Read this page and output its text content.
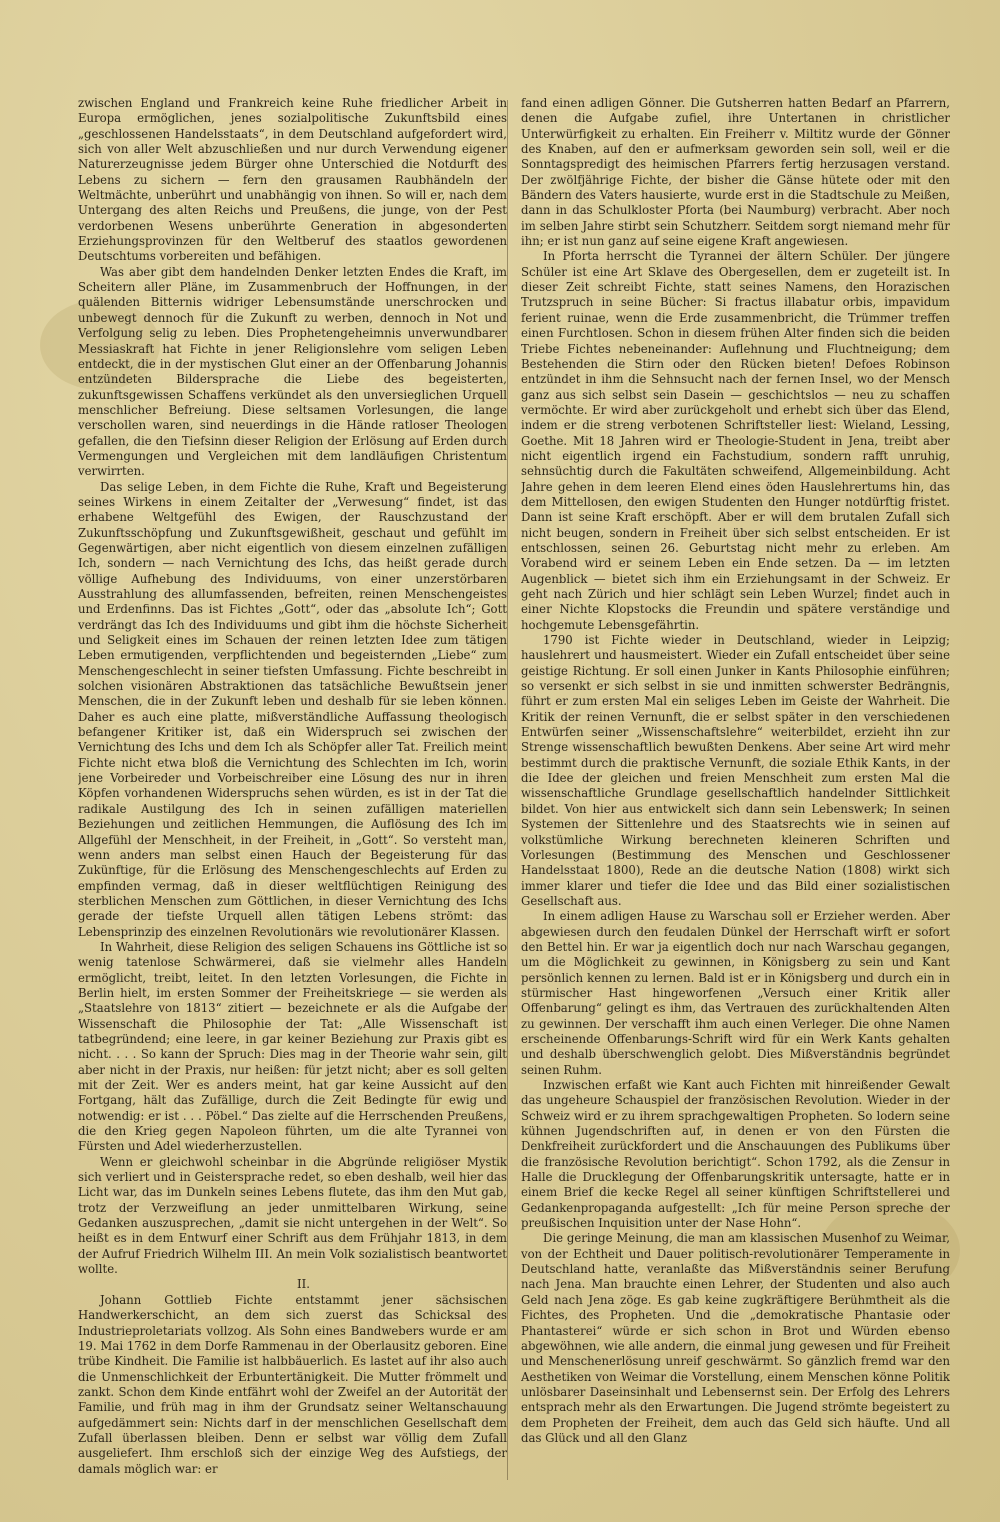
zwischen England und Frankreich keine Ruhe friedlicher Arbeit in Europa ermöglichen, jenes sozialpolitische Zukunftsbild eines „geschlossenen Handelsstaats“, in dem Deutschland aufgefordert wird, sich von aller Welt abzuschließen und nur durch Verwendung eigener Naturerzeugnisse jedem Bürger ohne Unterschied die Notdurft des Lebens zu sichern — fern den grausamen Raubhändeln der Weltmächte, unberührt und unabhängig von ihnen. So will er, nach dem Untergang des alten Reichs und Preußens, die junge, von der Pest verdorbenen Wesens unberührte Generation in abgesonderten Erziehungsprovinzen für den Weltberuf des staatlos gewordenen Deutschtums vorbereiten und befähigen.

Was aber gibt dem handelnden Denker letzten Endes die Kraft, im Scheitern aller Pläne, im Zusammenbruch der Hoffnungen, in der quälenden Bitternis widriger Lebensumstände unerschrocken und unbewegt dennoch für die Zukunft zu werben, dennoch in Not und Verfolgung selig zu leben. Dies Prophetengeheimnis unverwundbarer Messiaskraft hat Fichte in jener Religionslehre vom seligen Leben entdeckt, die in der mystischen Glut einer an der Offenbarung Johannis entzündeten Bildersprache die Liebe des begeisterten, zukunftsgewissen Schaffens verkündet als den unversieglichen Urquell menschlicher Befreiung. Diese seltsamen Vorlesungen, die lange verschollen waren, sind neuerdings in die Hände ratloser Theologen gefallen, die den Tiefsinn dieser Religion der Erlösung auf Erden durch Vermengungen und Vergleichen mit dem landläufigen Christentum verwirrten.

Das selige Leben, in dem Fichte die Ruhe, Kraft und Begeisterung seines Wirkens in einem Zeitalter der „Verwesung“ findet, ist das erhabene Weltgefühl des Ewigen, der Rauschzustand der Zukunftsschöpfung und Zukunftsgewißheit, geschaut und gefühlt im Gegenwärtigen, aber nicht eigentlich von diesem einzelnen zufälligen Ich, sondern — nach Vernichtung des Ichs, das heißt gerade durch völlige Aufhebung des Individuums, von einer unzerstörbaren Ausstrahlung des allumfassenden, befreiten, reinen Menschengeistes und Erdenfinns. Das ist Fichtes „Gott“, oder das „absolute Ich“; Gott verdrängt das Ich des Individuums und gibt ihm die höchste Sicherheit und Seligkeit eines im Schauen der reinen letzten Idee zum tätigen Leben ermutigenden, verpflichtenden und begeisternden „Liebe“ zum Menschengeschlecht in seiner tiefsten Umfassung. Fichte beschreibt in solchen visionären Abstraktionen das tatsächliche Bewußtsein jener Menschen, die in der Zukunft leben und deshalb für sie leben können. Daher es auch eine platte, mißverständliche Auffassung theologisch befangener Kritiker ist, daß ein Widerspruch sei zwischen der Vernichtung des Ichs und dem Ich als Schöpfer aller Tat. Freilich meint Fichte nicht etwa bloß die Vernichtung des Schlechten im Ich, worin jene Vorbeireder und Vorbeischreiber eine Lösung des nur in ihren Köpfen vorhandenen Widerspruchs sehen würden, es ist in der Tat die radikale Austilgung des Ich in seinen zufälligen materiellen Beziehungen und zeitlichen Hemmungen, die Auflösung des Ich im Allgefühl der Menschheit, in der Freiheit, in „Gott“. So versteht man, wenn anders man selbst einen Hauch der Begeisterung für das Zukünftige, für die Erlösung des Menschengeschlechts auf Erden zu empfinden vermag, daß in dieser weltflüchtigen Reinigung des sterblichen Menschen zum Göttlichen, in dieser Vernichtung des Ichs gerade der tiefste Urquell allen tätigen Lebens strömt: das Lebensprinzip des einzelnen Revolutionärs wie revolutionärer Klassen.

In Wahrheit, diese Religion des seligen Schauens ins Göttliche ist so wenig tatenlose Schwärmerei, daß sie vielmehr alles Handeln ermöglicht, treibt, leitet. In den letzten Vorlesungen, die Fichte in Berlin hielt, im ersten Sommer der Freiheitskriege — sie werden als „Staatslehre von 1813“ zitiert — bezeichnete er als die Aufgabe der Wissenschaft die Philosophie der Tat: „Alle Wissenschaft ist tatbegründend; eine leere, in gar keiner Beziehung zur Praxis gibt es nicht. . . . So kann der Spruch: Dies mag in der Theorie wahr sein, gilt aber nicht in der Praxis, nur heißen: für jetzt nicht; aber es soll gelten mit der Zeit. Wer es anders meint, hat gar keine Aussicht auf den Fortgang, hält das Zufällige, durch die Zeit Bedingte für ewig und notwendig: er ist . . . Pöbel.“ Das zielte auf die Herrschenden Preußens, die den Krieg gegen Napoleon führten, um die alte Tyrannei von Fürsten und Adel wiederherzustellen.

Wenn er gleichwohl scheinbar in die Abgründe religiöser Mystik sich verliert und in Geistersprache redet, so eben deshalb, weil hier das Licht war, das im Dunkeln seines Lebens flutete, das ihm den Mut gab, trotz der Verzweiflung an jeder unmittelbaren Wirkung, seine Gedanken auszusprechen, „damit sie nicht untergehen in der Welt“. So heißt es in dem Entwurf einer Schrift aus dem Frühjahr 1813, in dem der Aufruf Friedrich Wilhelm III. An mein Volk sozialistisch beantwortet wollte.

II.

Johann Gottlieb Fichte entstammt jener sächsischen Handwerkerschicht, an dem sich zuerst das Schicksal des Industrieproletariats vollzog. Als Sohn eines Bandwebers wurde er am 19. Mai 1762 in dem Dorfe Rammenau in der Oberlausitz geboren. Eine trübe Kindheit. Die Familie ist halbbäuerlich. Es lastet auf ihr also auch die Unmenschlichkeit der Erbuntertänigkeit. Die Mutter frömmelt und zankt. Schon dem Kinde entfährt wohl der Zweifel an der Autorität der Familie, und früh mag in ihm der Grundsatz seiner Weltanschauung aufgedämmert sein: Nichts darf in der menschlichen Gesellschaft dem Zufall überlassen bleiben. Denn er selbst war völlig dem Zufall ausgeliefert. Ihm erschloß sich der einzige Weg des Aufstiegs, der damals möglich war: er

fand einen adligen Gönner. Die Gutsherren hatten Bedarf an Pfarrern, denen die Aufgabe zufiel, ihre Untertanen in christlicher Unterwürfigkeit zu erhalten. Ein Freiherr v. Miltitz wurde der Gönner des Knaben, auf den er aufmerksam geworden sein soll, weil er die Sonntagspredigt des heimischen Pfarrers fertig herzusagen verstand. Der zwölfjährige Fichte, der bisher die Gänse hütete oder mit den Bändern des Vaters hausierte, wurde erst in die Stadtschule zu Meißen, dann in das Schulkloster Pforta (bei Naumburg) verbracht. Aber noch im selben Jahre stirbt sein Schutzherr. Seitdem sorgt niemand mehr für ihn; er ist nun ganz auf seine eigene Kraft angewiesen.

In Pforta herrscht die Tyrannei der ältern Schüler. Der jüngere Schüler ist eine Art Sklave des Obergesellen, dem er zugeteilt ist. In dieser Zeit schreibt Fichte, statt seines Namens, den Horazischen Trutzspruch in seine Bücher: Si fractus illabatur orbis, impavidum ferient ruinae, wenn die Erde zusammenbricht, die Trümmer treffen einen Furchtlosen. Schon in diesem frühen Alter finden sich die beiden Triebe Fichtes nebeneinander: Auflehnung und Fluchtneigung; dem Bestehenden die Stirn oder den Rücken bieten! Defoes Robinson entzündet in ihm die Sehnsucht nach der fernen Insel, wo der Mensch ganz aus sich selbst sein Dasein — geschichtslos — neu zu schaffen vermöchte. Er wird aber zurückgeholt und erhebt sich über das Elend, indem er die streng verbotenen Schriftsteller liest: Wieland, Lessing, Goethe. Mit 18 Jahren wird er Theologie-Student in Jena, treibt aber nicht eigentlich irgend ein Fachstudium, sondern rafft unruhig, sehnsüchtig durch die Fakultäten schweifend, Allgemeinbildung. Acht Jahre gehen in dem leeren Elend eines öden Hauslehrertums hin, das dem Mittellosen, den ewigen Studenten den Hunger notdürftig fristet. Dann ist seine Kraft erschöpft. Aber er will dem brutalen Zufall sich nicht beugen, sondern in Freiheit über sich selbst entscheiden. Er ist entschlossen, seinen 26. Geburtstag nicht mehr zu erleben. Am Vorabend wird er seinem Leben ein Ende setzen. Da — im letzten Augenblick — bietet sich ihm ein Erziehungsamt in der Schweiz. Er geht nach Zürich und hier schlägt sein Leben Wurzel; findet auch in einer Nichte Klopstocks die Freundin und spätere verständige und hochgemute Lebensgefährtin.

1790 ist Fichte wieder in Deutschland, wieder in Leipzig; hauslehrert und hausmeistert. Wieder ein Zufall entscheidet über seine geistige Richtung. Er soll einen Junker in Kants Philosophie einführen; so versenkt er sich selbst in sie und inmitten schwerster Bedrängnis, führt er zum ersten Mal ein seliges Leben im Geiste der Wahrheit. Die Kritik der reinen Vernunft, die er selbst später in den verschiedenen Entwürfen seiner „Wissenschaftslehre“ weiterbildet, erzieht ihn zur Strenge wissenschaftlich bewußten Denkens. Aber seine Art wird mehr bestimmt durch die praktische Vernunft, die soziale Ethik Kants, in der die Idee der gleichen und freien Menschheit zum ersten Mal die wissenschaftliche Grundlage gesellschaftlich handelnder Sittlichkeit bildet. Von hier aus entwickelt sich dann sein Lebenswerk; In seinen Systemen der Sittenlehre und des Staatsrechts wie in seinen auf volkstümliche Wirkung berechneten kleineren Schriften und Vorlesungen (Bestimmung des Menschen und Geschlossener Handelsstaat 1800), Rede an die deutsche Nation (1808) wirkt sich immer klarer und tiefer die Idee und das Bild einer sozialistischen Gesellschaft aus.

In einem adligen Hause zu Warschau soll er Erzieher werden. Aber abgewiesen durch den feudalen Dünkel der Herrschaft wirft er sofort den Bettel hin. Er war ja eigentlich doch nur nach Warschau gegangen, um die Möglichkeit zu gewinnen, in Königsberg zu sein und Kant persönlich kennen zu lernen. Bald ist er in Königsberg und durch ein in stürmischer Hast hingeworfenen „Versuch einer Kritik aller Offenbarung“ gelingt es ihm, das Vertrauen des zurückhaltenden Alten zu gewinnen. Der verschafft ihm auch einen Verleger. Die ohne Namen erscheinende Offenbarungs-Schrift wird für ein Werk Kants gehalten und deshalb überschwenglich gelobt. Dies Mißverständnis begründet seinen Ruhm.

Inzwischen erfaßt wie Kant auch Fichten mit hinreißender Gewalt das ungeheure Schauspiel der französischen Revolution. Wieder in der Schweiz wird er zu ihrem sprachgewaltigen Propheten. So lodern seine kühnen Jugendschriften auf, in denen er von den Fürsten die Denkfreiheit zurückfordert und die Anschauungen des Publikums über die französische Revolution berichtigt“. Schon 1792, als die Zensur in Halle die Drucklegung der Offenbarungskritik untersagte, hatte er in einem Brief die kecke Regel all seiner künftigen Schriftstellerei und Gedankenpropaganda aufgestellt: „Ich für meine Person spreche der preußischen Inquisition unter der Nase Hohn“.

Die geringe Meinung, die man am klassischen Musenhof zu Weimar, von der Echtheit und Dauer politisch-revolutionärer Temperamente in Deutschland hatte, veranlaßte das Mißverständnis seiner Berufung nach Jena. Man brauchte einen Lehrer, der Studenten und also auch Geld nach Jena zöge. Es gab keine zugkräftigere Berühmtheit als die Fichtes, des Propheten. Und die „demokratische Phantasie oder Phantasterei“ würde er sich schon in Brot und Würden ebenso abgewöhnen, wie alle andern, die einmal jung gewesen und für Freiheit und Menschenerlösung unreif geschwärmt. So gänzlich fremd war den Aesthetiken von Weimar die Vorstellung, einem Menschen könne Politik unlösbarer Daseinsinhalt und Lebensernst sein. Der Erfolg des Lehrers entsprach mehr als den Erwartungen. Die Jugend strömte begeistert zu dem Propheten der Freiheit, dem auch das Geld sich häufte. Und all das Glück und all den Glanz
